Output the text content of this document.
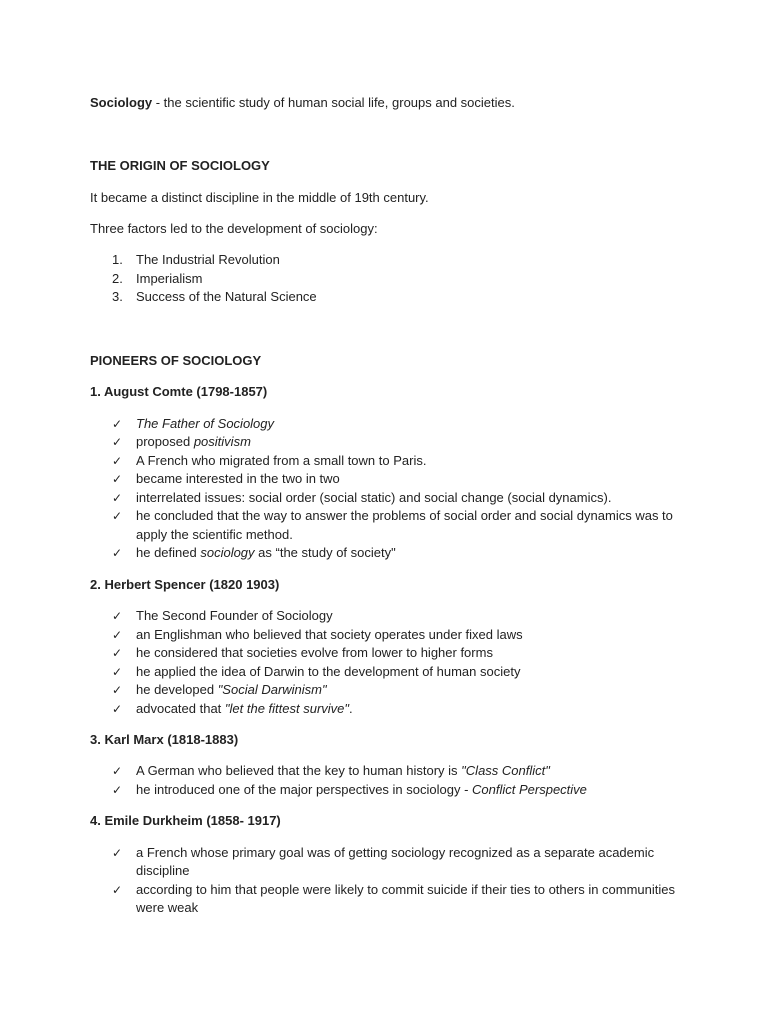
Sociology - the scientific study of human social life, groups and societies.

THE ORIGIN OF SOCIOLOGY

It became a distinct discipline in the middle of 19th century.

Three factors led to the development of sociology:

1. The Industrial Revolution
2. Imperialism
3. Success of the Natural Science

PIONEERS OF SOCIOLOGY

1. August Comte (1798-1857)

✓ The Father of Sociology
✓ proposed positivism
✓ A French who migrated from a small town to Paris.
✓ became interested in the two in two
✓ interrelated issues: social order (social static) and social change (social dynamics).
✓ he concluded that the way to answer the problems of social order and social dynamics was to apply the scientific method.
✓ he defined sociology as “the study of society"

2. Herbert Spencer (1820 1903)

✓ The Second Founder of Sociology
✓ an Englishman who believed that society operates under fixed laws
✓ he considered that societies evolve from lower to higher forms
✓ he applied the idea of Darwin to the development of human society
✓ he developed "Social Darwinism"
✓ advocated that "let the fittest survive".

3. Karl Marx (1818-1883)

✓ A German who believed that the key to human history is "Class Conflict"
✓ he introduced one of the major perspectives in sociology - Conflict Perspective

4. Emile Durkheim (1858- 1917)

✓ a French whose primary goal was of getting sociology recognized as a separate academic discipline
✓ according to him that people were likely to commit suicide if their ties to others in communities were weak
